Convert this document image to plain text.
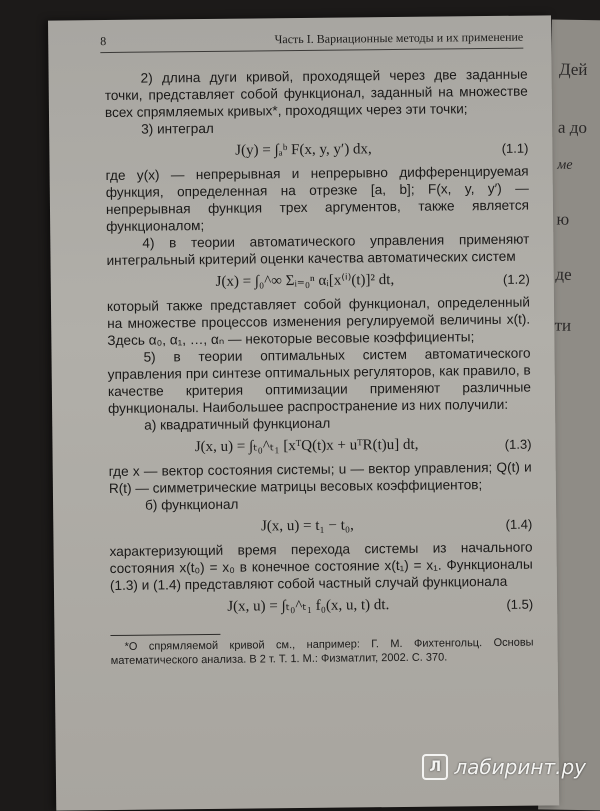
Дей
а до
ме
ю
де
ти
8	Часть I. Вариационные методы и их применение

2) длина дуги кривой, проходящей через две заданные точки, представляет собой функционал, заданный на множестве всех спрямляемых кривых*, проходящих через эти точки;

3) интеграл

J(y) = ∫ₐᵇ F(x, y, y′) dx,	(1.1)

где y(x) — непрерывная и непрерывно дифференцируемая функция, определенная на отрезке [a, b]; F(x, y, y′) — непрерывная функция трех аргументов, также является функционалом;

4) в теории автоматического управления применяют интегральный критерий оценки качества автоматических систем

J(x) = ∫₀^∞ Σᵢ₌₀ⁿ αᵢ[x⁽ⁱ⁾(t)]² dt,	(1.2)

который также представляет собой функционал, определенный на множестве процессов изменения регулируемой величины x(t). Здесь α₀, α₁, …, αₙ — некоторые весовые коэффициенты;

5) в теории оптимальных систем автоматического управления при синтезе оптимальных регуляторов, как правило, в качестве критерия оптимизации применяют различные функционалы. Наибольшее распространение из них получили:

а) квадратичный функционал

J(x, u) = ∫ₜ₀^ₜ₁ [xᵀQ(t)x + uᵀR(t)u] dt,	(1.3)

где x — вектор состояния системы; u — вектор управления; Q(t) и R(t) — симметрические матрицы весовых коэффициентов;

б) функционал

J(x, u) = t₁ − t₀,	(1.4)

характеризующий время перехода системы из начального состояния x(t₀) = x₀ в конечное состояние x(t₁) = x₁. Функционалы (1.3) и (1.4) представляют собой частный случай функционала

J(x, u) = ∫ₜ₀^ₜ₁ f₀(x, u, t) dt.	(1.5)

*О спрямляемой кривой см., например: Г. М. Фихтенгольц. Основы математического анализа. В 2 т. Т. 1. М.: Физматлит, 2002. С. 370.

Л лабиринт.ру
